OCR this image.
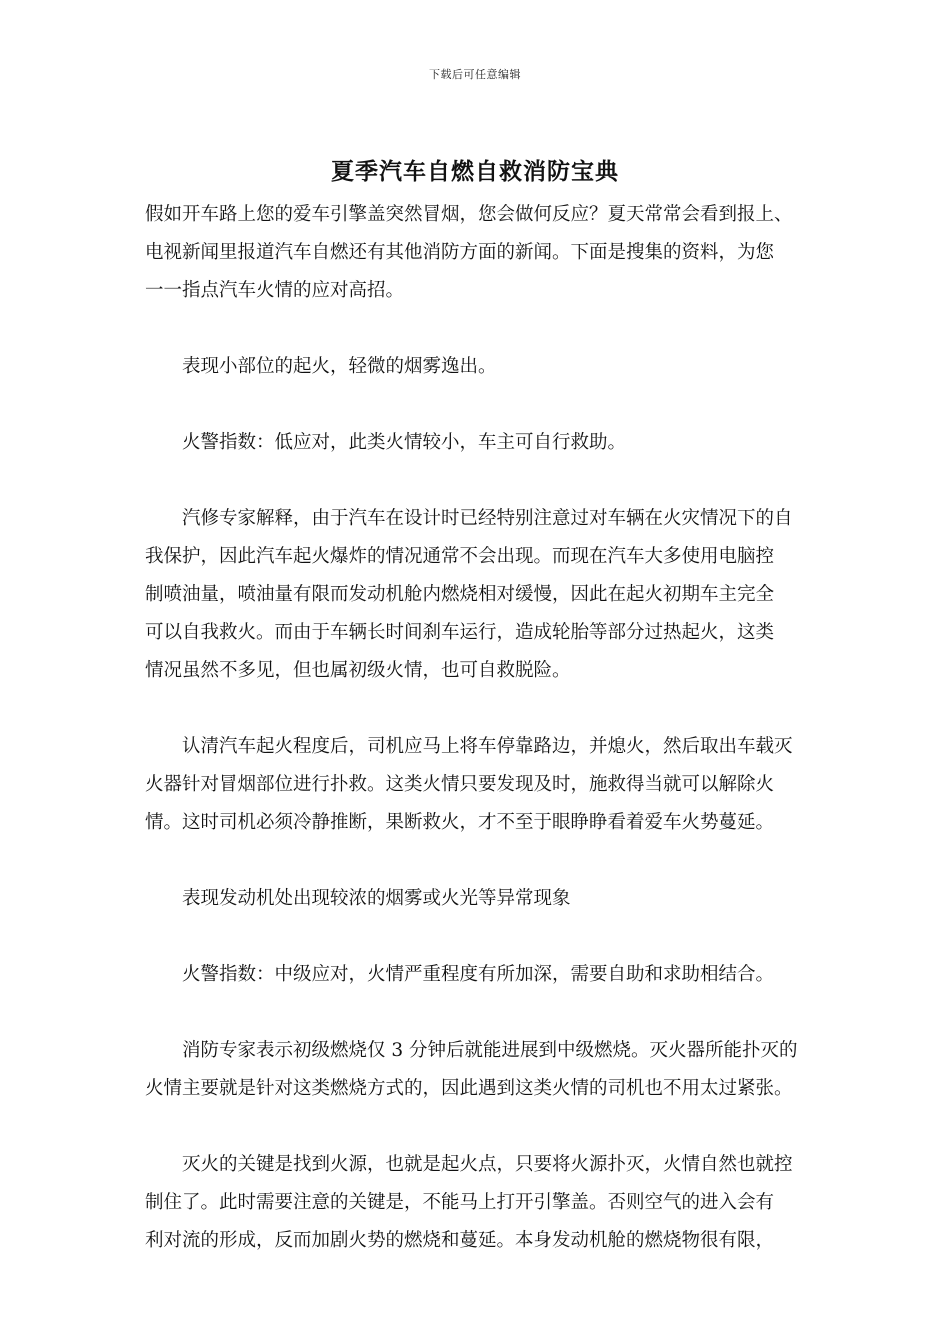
下载后可任意编辑
夏季汽车自燃自救消防宝典

假如开车路上您的爱车引擎盖突然冒烟，您会做何反应？夏天常常会看到报上、
电视新闻里报道汽车自燃还有其他消防方面的新闻。下面是搜集的资料，为您
一一指点汽车火情的应对高招。

表现小部位的起火，轻微的烟雾逸出。

火警指数：低应对，此类火情较小，车主可自行救助。

汽修专家解释，由于汽车在设计时已经特别注意过对车辆在火灾情况下的自
我保护，因此汽车起火爆炸的情况通常不会出现。而现在汽车大多使用电脑控
制喷油量，喷油量有限而发动机舱内燃烧相对缓慢，因此在起火初期车主完全
可以自我救火。而由于车辆长时间刹车运行，造成轮胎等部分过热起火，这类
情况虽然不多见，但也属初级火情，也可自救脱险。

认清汽车起火程度后，司机应马上将车停靠路边，并熄火，然后取出车载灭
火器针对冒烟部位进行扑救。这类火情只要发现及时，施救得当就可以解除火
情。这时司机必须冷静推断，果断救火，才不至于眼睁睁看着爱车火势蔓延。

表现发动机处出现较浓的烟雾或火光等异常现象

火警指数：中级应对，火情严重程度有所加深，需要自助和求助相结合。

消防专家表示初级燃烧仅 3 分钟后就能进展到中级燃烧。灭火器所能扑灭的
火情主要就是针对这类燃烧方式的，因此遇到这类火情的司机也不用太过紧张。

灭火的关键是找到火源，也就是起火点，只要将火源扑灭，火情自然也就控
制住了。此时需要注意的关键是，不能马上打开引擎盖。否则空气的进入会有
利对流的形成，反而加剧火势的燃烧和蔓延。本身发动机舱的燃烧物很有限，
